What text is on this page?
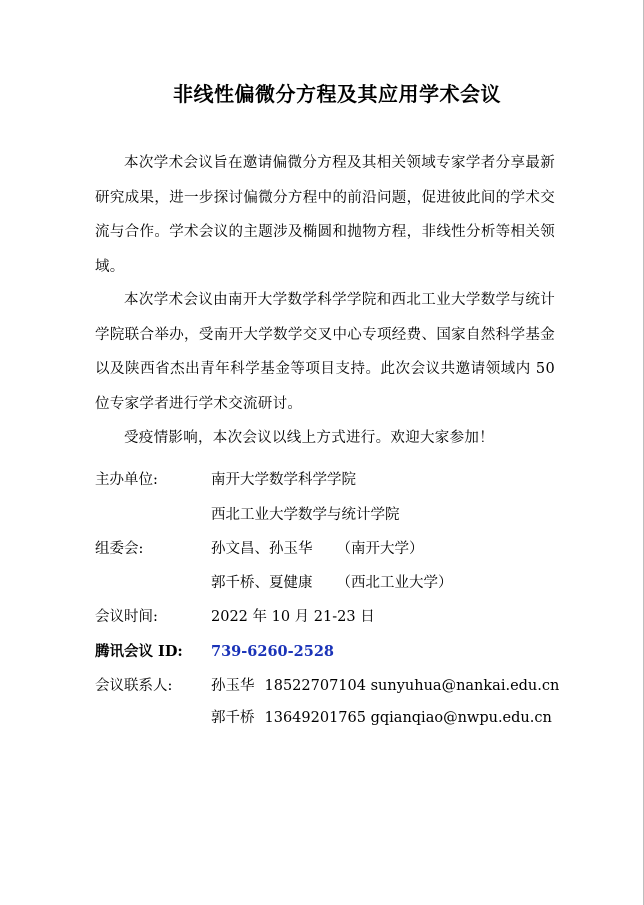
非线性偏微分方程及其应用学术会议

本次学术会议旨在邀请偏微分方程及其相关领域专家学者分享最新研究成果，进一步探讨偏微分方程中的前沿问题，促进彼此间的学术交流与合作。学术会议的主题涉及椭圆和抛物方程，非线性分析等相关领域。

本次学术会议由南开大学数学科学学院和西北工业大学数学与统计学院联合举办，受南开大学数学交叉中心专项经费、国家自然科学基金以及陕西省杰出青年科学基金等项目支持。此次会议共邀请领域内 50 位专家学者进行学术交流研讨。

受疫情影响，本次会议以线上方式进行。欢迎大家参加！

主办单位:	南开大学数学科学学院
西北工业大学数学与统计学院
组委会:	孙文昌、孙玉华 （南开大学）
郭千桥、夏健康 （西北工业大学）
会议时间:	2022 年 10 月 21-23 日
腾讯会议 ID: 739-6260-2528
会议联系人:	孙玉华 18522707104 sunyuhua@nankai.edu.cn
郭千桥 13649201765 gqianqiao@nwpu.edu.cn
